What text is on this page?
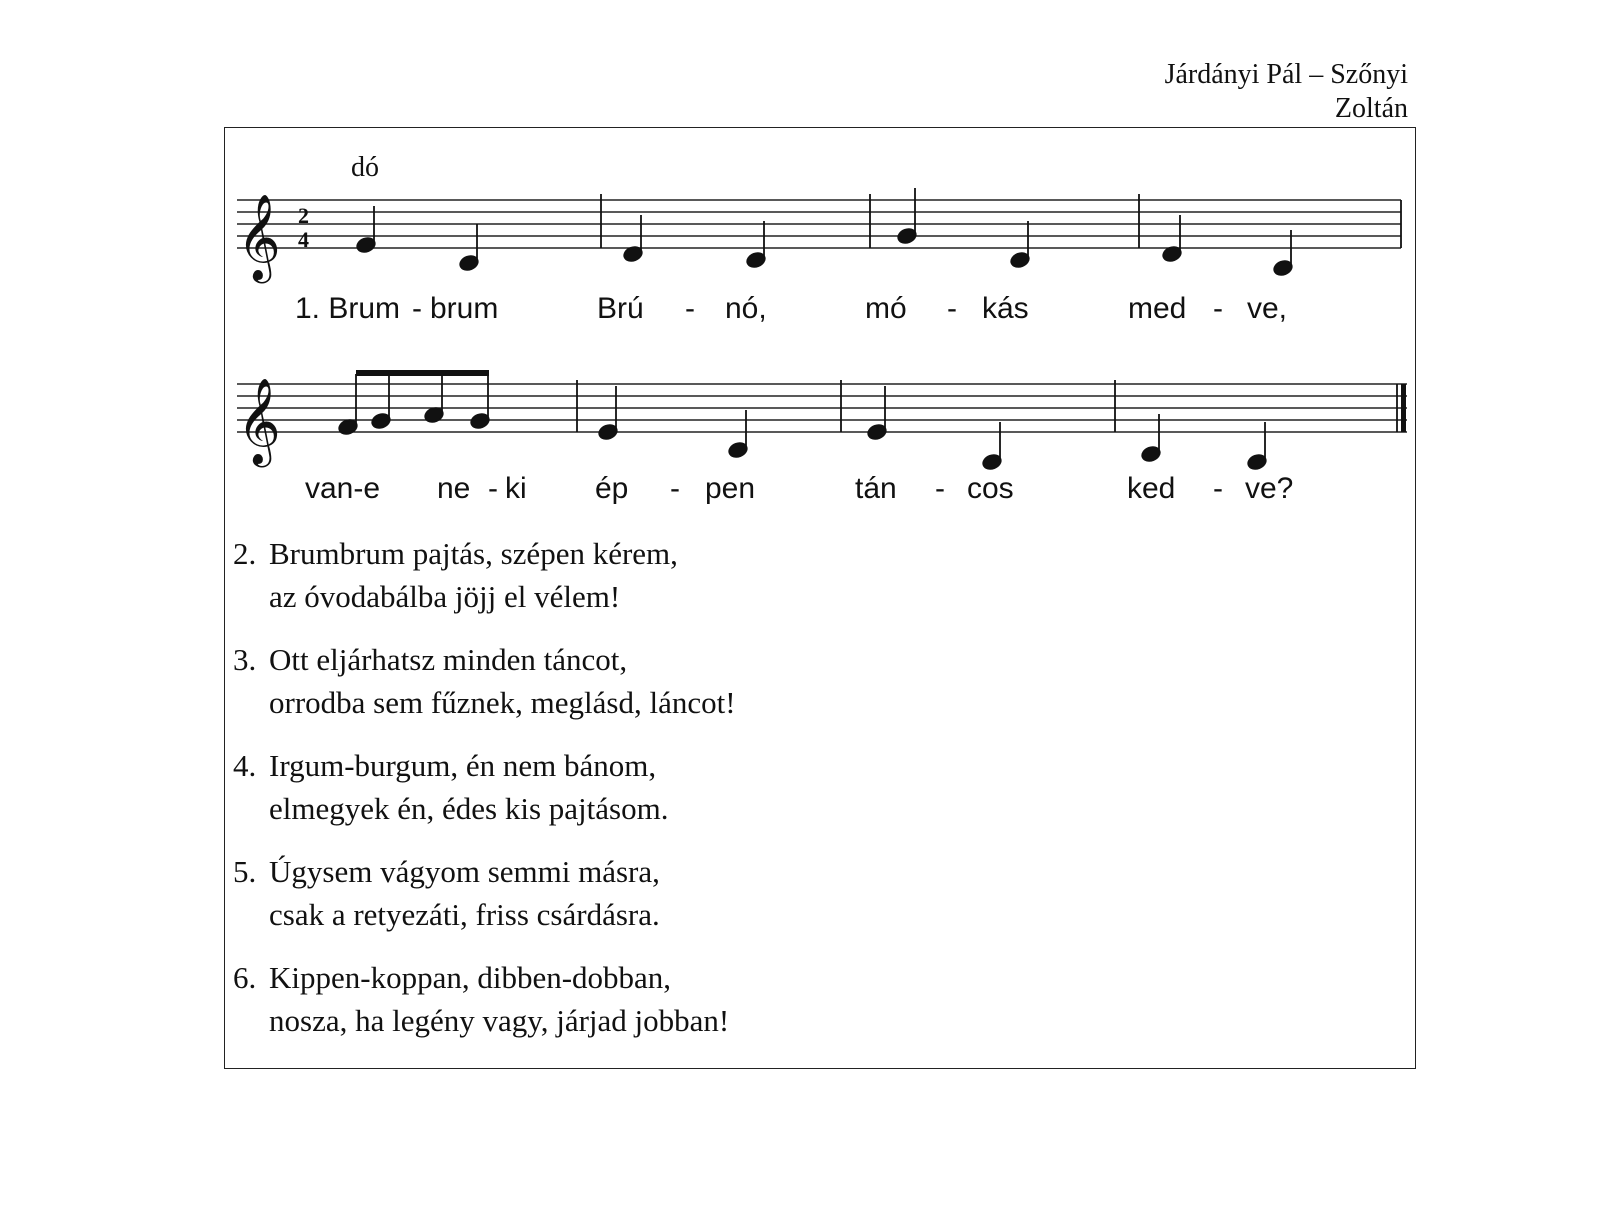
Járdányi Pál – Szőnyi
Zoltán
𝄞 2
4
𝄞
dó
1. Brum - brum	Brú - nó,	mó - kás	med - ve,
van-e ne - ki ép - pen	tán - cos	ked - ve?
2. Brumbrum pajtás, szépen kérem,
az óvodabálba jöjj el vélem!
3. Ott eljárhatsz minden táncot,
orrodba sem fűznek, meglásd, láncot!
4. Irgum-burgum, én nem bánom,
elmegyek én, édes kis pajtásom.
5. Úgysem vágyom semmi másra,
csak a retyezáti, friss csárdásra.
6. Kippen-koppan, dibben-dobban,
nosza, ha legény vagy, járjad jobban!
